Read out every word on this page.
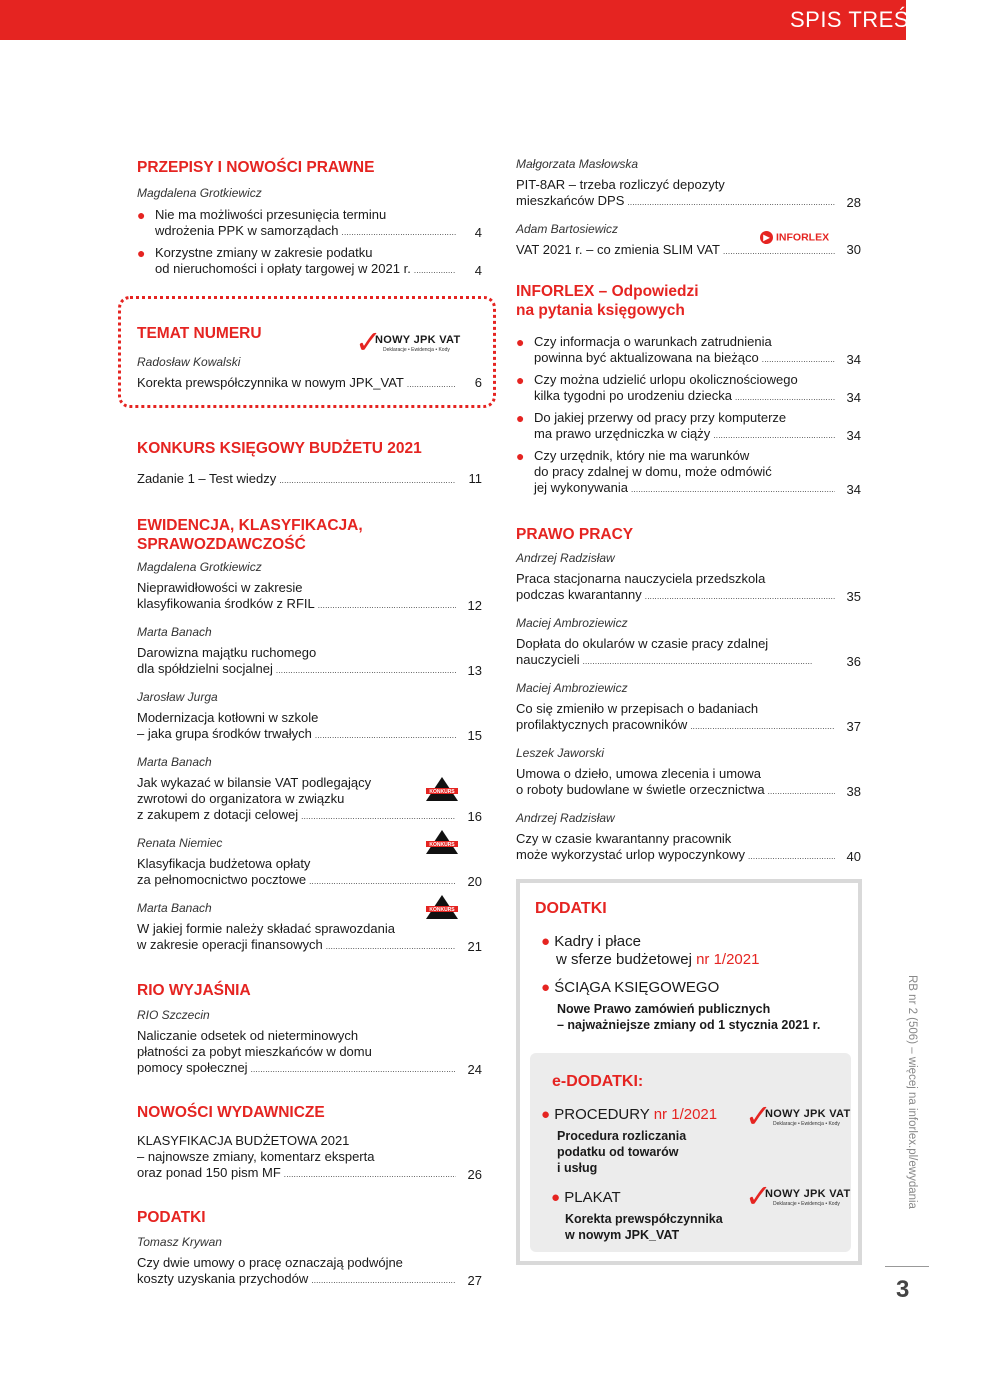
SPIS TREŚCI
PRZEPISY I NOWOŚCI PRAWNE

Magdalena Grotkiewicz

● Nie ma możliwości przesunięcia terminu
wdrożenia PPK w samorządach . . .	4
● Korzystne zmiany w zakresie podatku
od nieruchomości i opłaty targowej w 2021 r. . . .	4
TEMAT NUMERU

Radosław Kowalski

Korekta prewspółczynnika w nowym JPK_VAT . . .	6
KONKURS KSIĘGOWY BUDŻETU 2021
Zadanie 1 – Test wiedzy . . .	11
EWIDENCJA, KLASYFIKACJA,
SPRAWOZDAWCZOŚĆ

Magdalena Grotkiewicz

Nieprawidłowości w zakresie
klasyfikowania środków z RFIL . . .	12

Marta Banach

Darowizna majątku ruchomego
dla spółdzielni socjalnej . . .	13

Jarosław Jurga

Modernizacja kotłowni w szkole
– jaka grupa środków trwałych . . .	15

Marta Banach

Jak wykazać w bilansie VAT podlegający
zwrotowi do organizatora w związku
z zakupem z dotacji celowej . . .	16

Renata Niemiec

Klasyfikacja budżetowa opłaty
za pełnomocnictwo pocztowe . . .	20

Marta Banach

W jakiej formie należy składać sprawozdania
w zakresie operacji finansowych . . .	21
RIO WYJAŚNIA

RIO Szczecin

Naliczanie odsetek od nieterminowych
płatności za pobyt mieszkańców w domu
pomocy społecznej . . .	24
NOWOŚCI WYDAWNICZE
KLASYFIKACJA BUDŻETOWA 2021
– najnowsze zmiany, komentarz eksperta
oraz ponad 150 pism MF . . .	26
PODATKI

Tomasz Krywan

Czy dwie umowy o pracę oznaczają podwójne
koszty uzyskania przychodów . . .	27
✓
NOWY JPK VAT
Deklaracje • Ewidencja • Kody
KONKURS
KONKURS
KONKURS

Małgorzata Masłowska

PIT-8AR – trzeba rozliczyć depozyty
mieszkańców DPS . . .	28

Adam Bartosiewicz

VAT 2021 r. – co zmienia SLIM VAT . . .	30
INFORLEX – Odpowiedzi
na pytania księgowych
● Czy informacja o warunkach zatrudnienia
powinna być aktualizowana na bieżąco . . .	34
● Czy można udzielić urlopu okolicznościowego
kilka tygodni po urodzeniu dziecka . . .	34
● Do jakiej przerwy od pracy przy komputerze
ma prawo urzędniczka w ciąży . . .	34
● Czy urzędnik, który nie ma warunków
do pracy zdalnej w domu, może odmówić
jej wykonywania . . .	34
PRAWO PRACY

Andrzej Radzisław

Praca stacjonarna nauczyciela przedszkola
podczas kwarantanny . . .	35

Maciej Ambroziewicz

Dopłata do okularów w czasie pracy zdalnej
nauczycieli . . .	36

Maciej Ambroziewicz

Co się zmieniło w przepisach o badaniach
profilaktycznych pracowników . . .	37

Leszek Jaworski

Umowa o dzieło, umowa zlecenia i umowa
o roboty budowlane w świetle orzecznictwa . . .	38

Andrzej Radzisław

Czy w czasie kwarantanny pracownik
może wykorzystać urlop wypoczynkowy . . .	40
▶ INFORLEX
DODATKI
● Kadry i płace
w sferze budżetowej nr 1/2021
● ŚCIĄGA KSIĘGOWEGO
Nowe Prawo zamówień publicznych
– najważniejsze zmiany od 1 stycznia 2021 r.
e-DODATKI:
● PROCEDURY nr 1/2021
Procedura rozliczania
podatku od towarów
i usług
● PLAKAT
Korekta prewspółczynnika
w nowym JPK_VAT
✓
NOWY JPK VAT
Deklaracje • Ewidencja • Kody
✓
NOWY JPK VAT
Deklaracje • Ewidencja • Kody	RB nr 2 (506) – więcej na inforlex.pl/ewydania
3
